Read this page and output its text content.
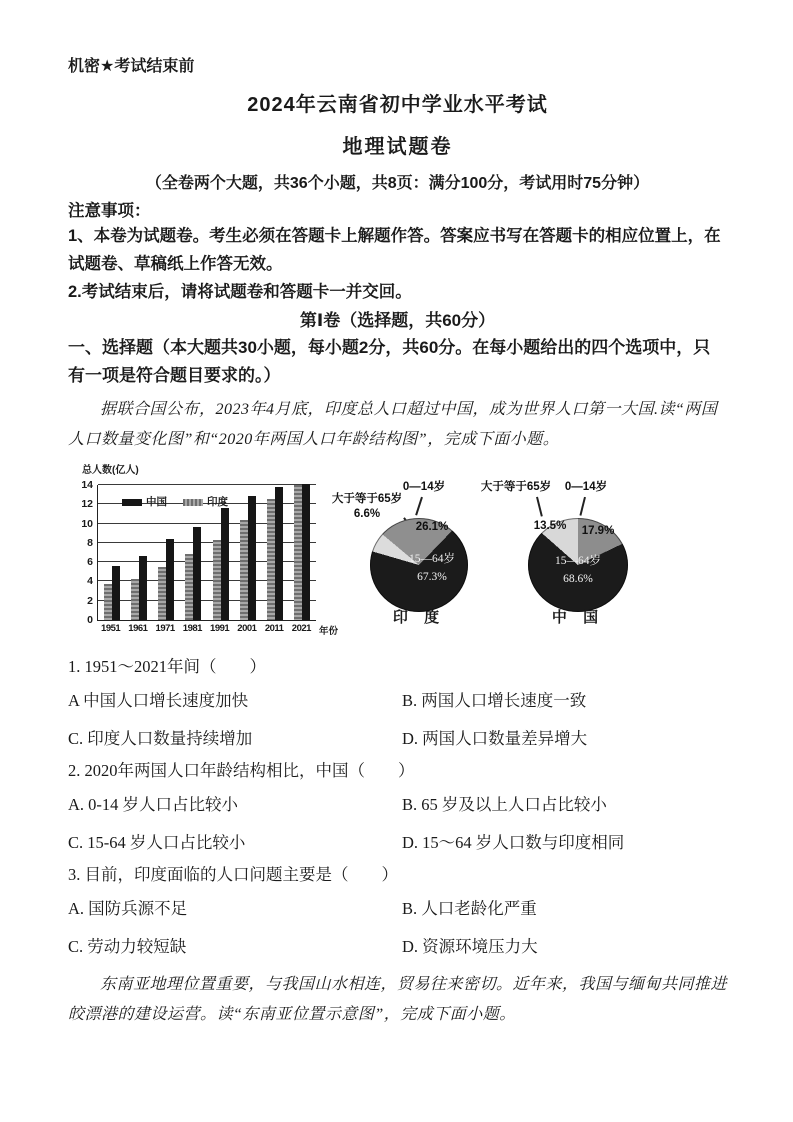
机密★考试结束前
2024年云南省初中学业水平考试
地理试题卷
（全卷两个大题，共36个小题，共8页：满分100分，考试用时75分钟）
注意事项：
1、本卷为试题卷。考生必须在答题卡上解题作答。答案应书写在答题卡的相应位置上，在试题卷、草稿纸上作答无效。
2.考试结束后，请将试题卷和答题卡一并交回。
第Ⅰ卷（选择题，共60分）
一、选择题（本大题共30小题，每小题2分，共60分。在每小题给出的四个选项中，只有一项是符合题目要求的。）
据联合国公布，2023年4月底，印度总人口超过中国，成为世界人口第一大国.读“两国人口数量变化图”和“2020年两国人口年龄结构图”，完成下面小题。
总人数(亿人)
0
2
4
6
8
10
12
14
中国	印度
1951 1961 1971 1981 1991 2001 2011 2021 年份
0—14岁
大于等于65岁
6.6%
26.1%
15—64岁
67.3%
印 度
大于等于65岁	0—14岁
13.5%	17.9%
15—64岁
68.6%
中 国
1. 1951～2021年间（　　）
A 中国人口增长速度加快	B. 两国人口增长速度一致
C. 印度人口数量持续增加	D. 两国人口数量差异增大
2. 2020年两国人口年龄结构相比，中国（　　）
A. 0-14 岁人口占比较小	B. 65 岁及以上人口占比较小
C. 15-64 岁人口占比较小	D. 15～64 岁人口数与印度相同
3. 目前，印度面临的人口问题主要是（　　）
A. 国防兵源不足	B. 人口老龄化严重
C. 劳动力较短缺	D. 资源环境压力大
东南亚地理位置重要，与我国山水相连，贸易往来密切。近年来，我国与缅甸共同推进皎漂港的建设运营。读“东南亚位置示意图”，完成下面小题。
